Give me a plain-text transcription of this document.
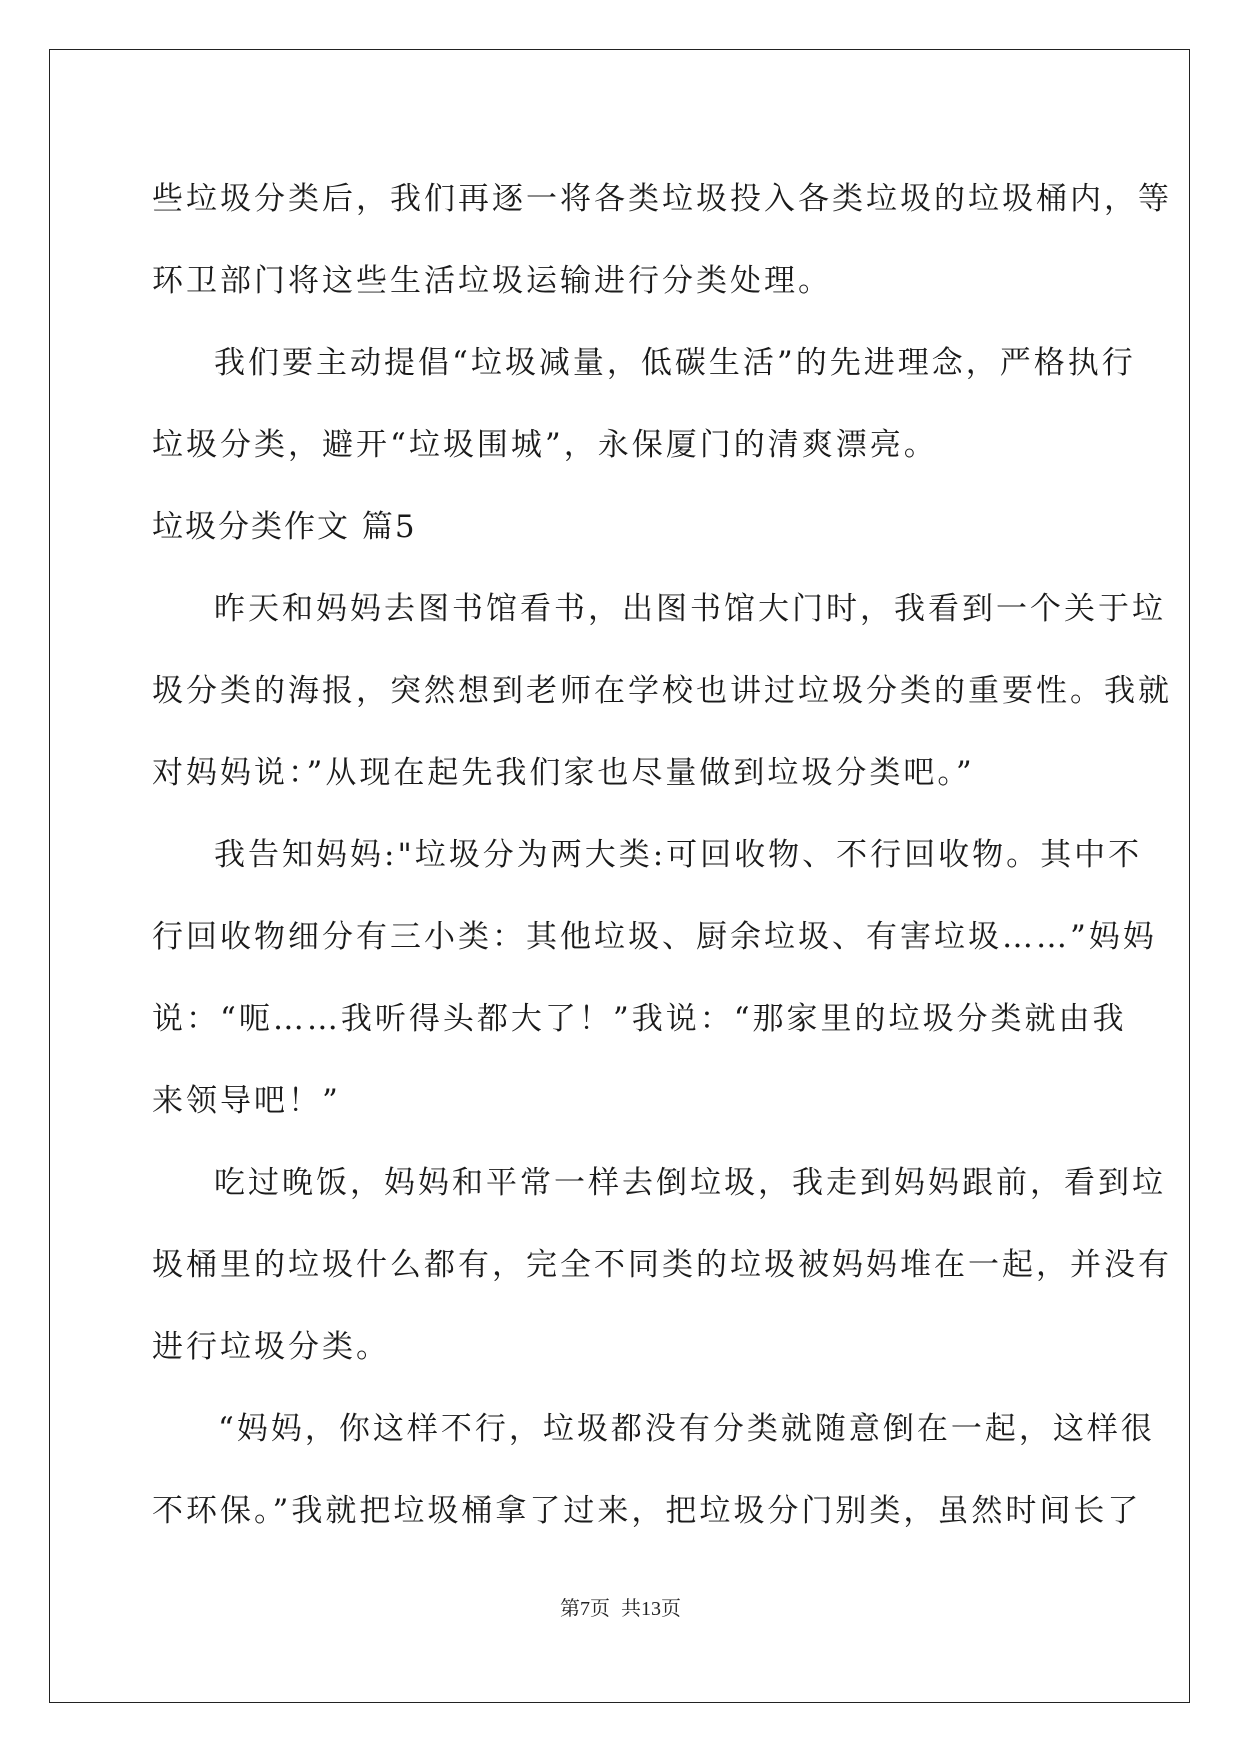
些垃圾分类后，我们再逐一将各类垃圾投入各类垃圾的垃圾桶内，等
环卫部门将这些生活垃圾运输进行分类处理。
我们要主动提倡“垃圾减量，低碳生活”的先进理念，严格执行
垃圾分类，避开“垃圾围城”，永保厦门的清爽漂亮。
垃圾分类作文 篇5
昨天和妈妈去图书馆看书，出图书馆大门时，我看到一个关于垃
圾分类的海报，突然想到老师在学校也讲过垃圾分类的重要性。我就
对妈妈说：”从现在起先我们家也尽量做到垃圾分类吧。”
我告知妈妈:"垃圾分为两大类:可回收物、不行回收物。其中不
行回收物细分有三小类：其他垃圾、厨余垃圾、有害垃圾……”妈妈
说：“呃……我听得头都大了！”我说：“那家里的垃圾分类就由我
来领导吧！”
吃过晚饭，妈妈和平常一样去倒垃圾，我走到妈妈跟前，看到垃
圾桶里的垃圾什么都有，完全不同类的垃圾被妈妈堆在一起，并没有
进行垃圾分类。
“妈妈，你这样不行，垃圾都没有分类就随意倒在一起，这样很
不环保。”我就把垃圾桶拿了过来，把垃圾分门别类，虽然时间长了
第7页 共13页
